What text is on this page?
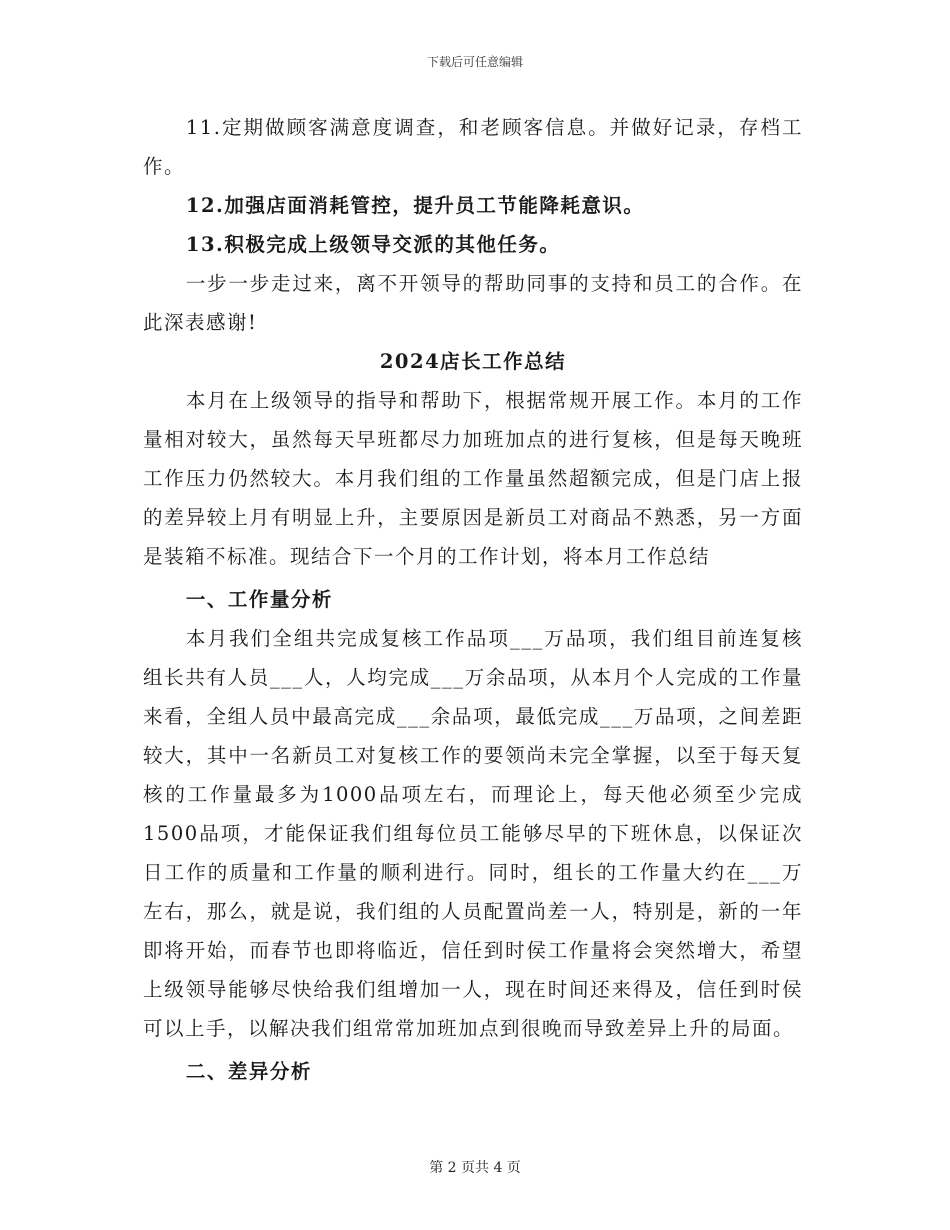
下载后可任意编辑

11.定期做顾客满意度调查，和老顾客信息。并做好记录，存档工作。

12.加强店面消耗管控，提升员工节能降耗意识。

13.积极完成上级领导交派的其他任务。

一步一步走过来，离不开领导的帮助同事的支持和员工的合作。在此深表感谢!

2024店长工作总结

本月在上级领导的指导和帮助下，根据常规开展工作。本月的工作量相对较大，虽然每天早班都尽力加班加点的进行复核，但是每天晚班工作压力仍然较大。本月我们组的工作量虽然超额完成，但是门店上报的差异较上月有明显上升，主要原因是新员工对商品不熟悉，另一方面是装箱不标准。现结合下一个月的工作计划，将本月工作总结

一、工作量分析

本月我们全组共完成复核工作品项___万品项，我们组目前连复核组长共有人员___人，人均完成___万余品项，从本月个人完成的工作量来看，全组人员中最高完成___余品项，最低完成___万品项，之间差距较大，其中一名新员工对复核工作的要领尚未完全掌握，以至于每天复核的工作量最多为1000品项左右，而理论上，每天他必须至少完成1500品项，才能保证我们组每位员工能够尽早的下班休息，以保证次日工作的质量和工作量的顺利进行。同时，组长的工作量大约在___万左右，那么，就是说，我们组的人员配置尚差一人，特别是，新的一年即将开始，而春节也即将临近，信任到时侯工作量将会突然增大，希望上级领导能够尽快给我们组增加一人，现在时间还来得及，信任到时侯可以上手，以解决我们组常常加班加点到很晚而导致差异上升的局面。

二、差异分析

第 2 页共 4 页
